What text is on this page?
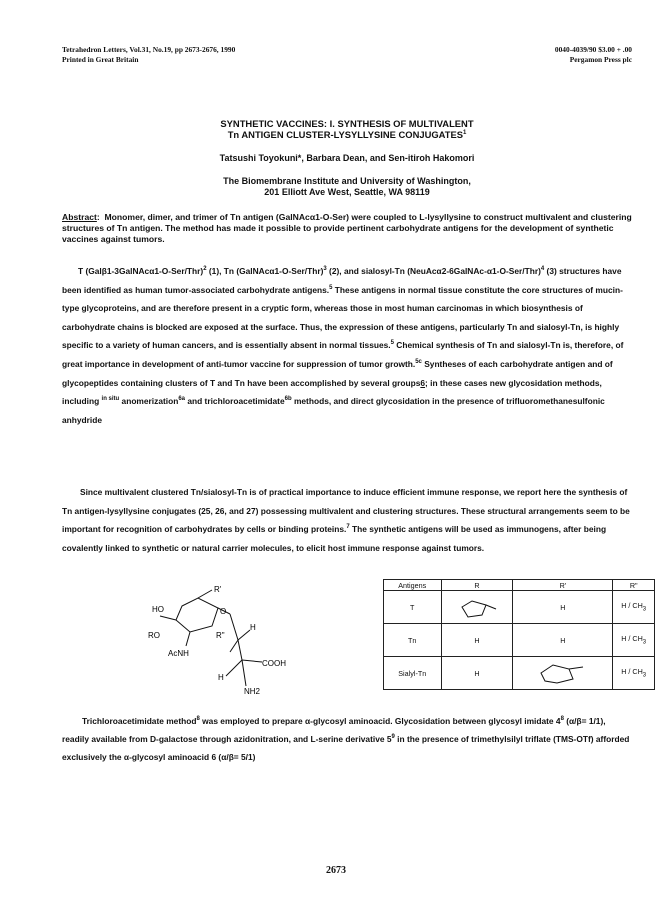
Tetrahedron Letters, Vol.31, No.19, pp 2673-2676, 1990
Printed in Great Britain
0040-4039/90 $3.00 + .00
Pergamon Press plc
SYNTHETIC VACCINES: I. SYNTHESIS OF MULTIVALENT
Tn ANTIGEN CLUSTER-LYSYLLYSINE CONJUGATES$^1$
Tatsushi Toyokuni*, Barbara Dean, and Sen-itiroh Hakomori
The Biomembrane Institute and University of Washington,
201 Elliott Ave West, Seattle, WA 98119
Abstract:  Monomer, dimer, and trimer of Tn antigen (GalNAcα1-O-Ser) were coupled to L-lysyllysine to construct multivalent and clustering structures of Tn antigen. The method has made it possible to provide pertinent carbohydrate antigens for the development of synthetic vaccines against tumors.
T (Galβ1-3GalNAcα1-O-Ser/Thr)$^2$ (1), Tn (GalNAcα1-O-Ser/Thr)$^3$ (2), and sialosyl-Tn (NeuAcα2-6GalNAc-α1-O-Ser/Thr)$^4$ (3) structures have been identified as human tumor-associated carbohydrate antigens.$^5$ These antigens in normal tissue constitute the core structures of mucin-type glycoproteins, and are therefore present in a cryptic form, whereas those in most human carcinomas in which biosynthesis of carbohydrate chains is blocked are exposed at the surface. Thus, the expression of these antigens, particularly Tn and sialosyl-Tn, is highly specific to a variety of human cancers, and is essentially absent in normal tissues.$^5$ Chemical synthesis of Tn and sialosyl-Tn is, therefore, of great importance in development of anti-tumor vaccine for suppression of tumor growth.$^{5c}$ Syntheses of each carbohydrate antigen and of glycopeptides containing clusters of T and Tn have been accomplished by several groups6; in these cases new glycosidation methods, including $^{in situ}$ anomerization$^{6a}$ and trichloroacetimidate$^{6b}$ methods, and direct glycosidation in the presence of trifluoromethanesulfonic anhydride
Since multivalent clustered Tn/sialosyl-Tn is of practical importance to induce efficient immune response, we report here the synthesis of Tn antigen-lysyllysine conjugates (25, 26, and 27) possessing multivalent and clustering structures. These structural arrangements seem to be important for recognition of carbohydrates by cells or binding proteins.$^7$ The synthetic antigens will be used as immunogens, after being covalently linked to synthetic or natural carrier molecules, to elicit host immune response against tumors.
HO
R'
RO
AcNH
O
R"
H
COOH
H
NH2
Antigens	R	R'	R"
T		H	H / $CH_3$
Tn	H	H	H / $CH_3$
Sialyl-Tn	H		H / $CH_3$
Trichloroacetimidate method$^8$ was employed to prepare α-glycosyl aminoacid. Glycosidation between glycosyl imidate $4^8$ (α/β= 1/1), readily available from D-galactose through azidonitration, and L-serine derivative $5^9$ in the presence of trimethylsilyl triflate (TMS-OTf) afforded exclusively the α-glycosyl aminoacid 6 (α/β= 5/1)
2673
